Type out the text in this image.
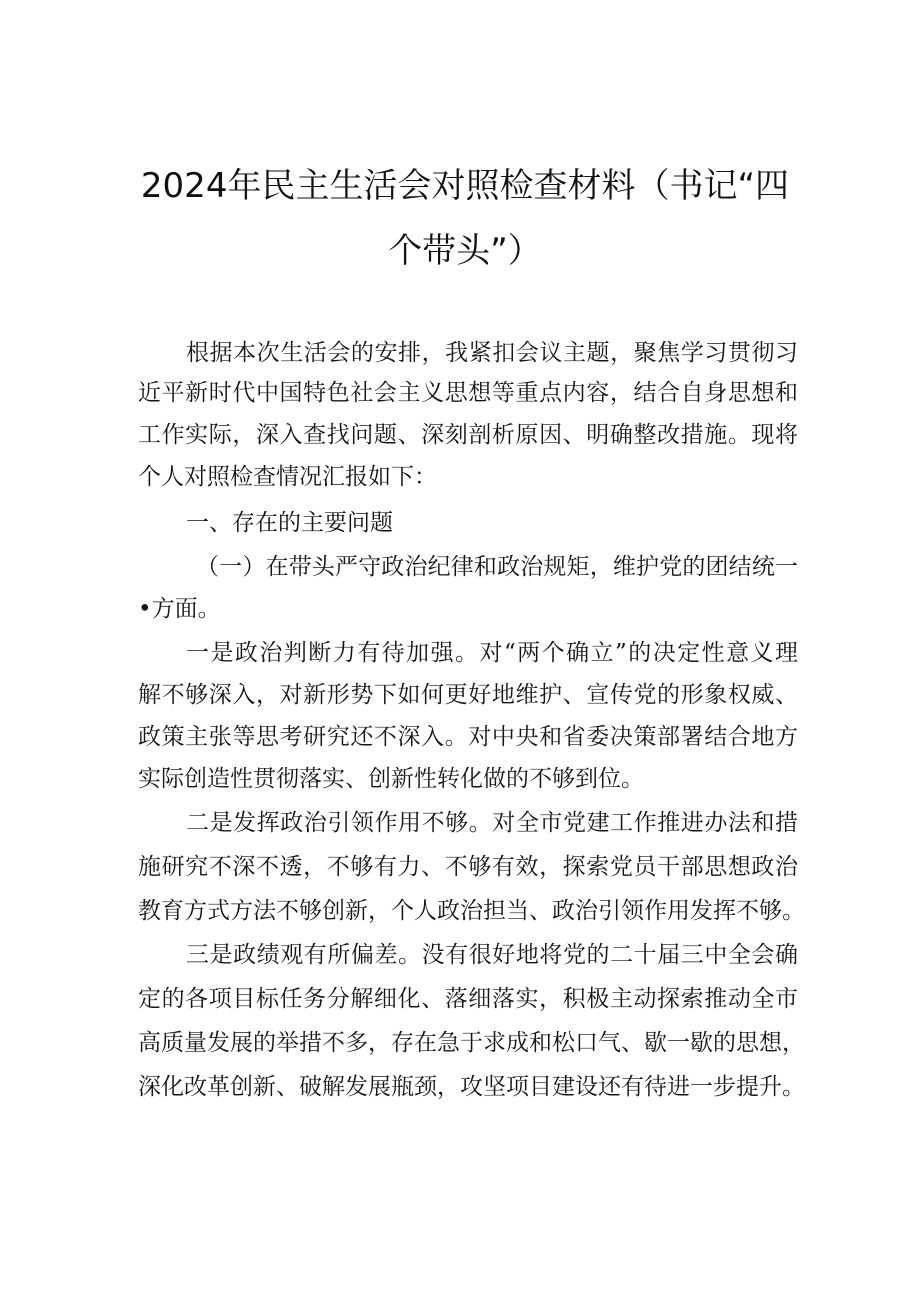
2024年民主生活会对照检查材料（书记“四
个带头”）
根据本次生活会的安排，我紧扣会议主题，聚焦学习贯彻习
近平新时代中国特色社会主义思想等重点内容，结合自身思想和
工作实际，深入查找问题、深刻剖析原因、明确整改措施。现将
个人对照检查情况汇报如下：
一、存在的主要问题
（一）在带头严守政治纪律和政治规矩，维护党的团结统一
•方面。
一是政治判断力有待加强。对“两个确立”的决定性意义理
解不够深入，对新形势下如何更好地维护、宣传党的形象权威、
政策主张等思考研究还不深入。对中央和省委决策部署结合地方
实际创造性贯彻落实、创新性转化做的不够到位。
二是发挥政治引领作用不够。对全市党建工作推进办法和措
施研究不深不透，不够有力、不够有效，探索党员干部思想政治
教育方式方法不够创新，个人政治担当、政治引领作用发挥不够。
三是政绩观有所偏差。没有很好地将党的二十届三中全会确
定的各项目标任务分解细化、落细落实，积极主动探索推动全市
高质量发展的举措不多，存在急于求成和松口气、歇一歇的思想，
深化改革创新、破解发展瓶颈，攻坚项目建设还有待进一步提升。
